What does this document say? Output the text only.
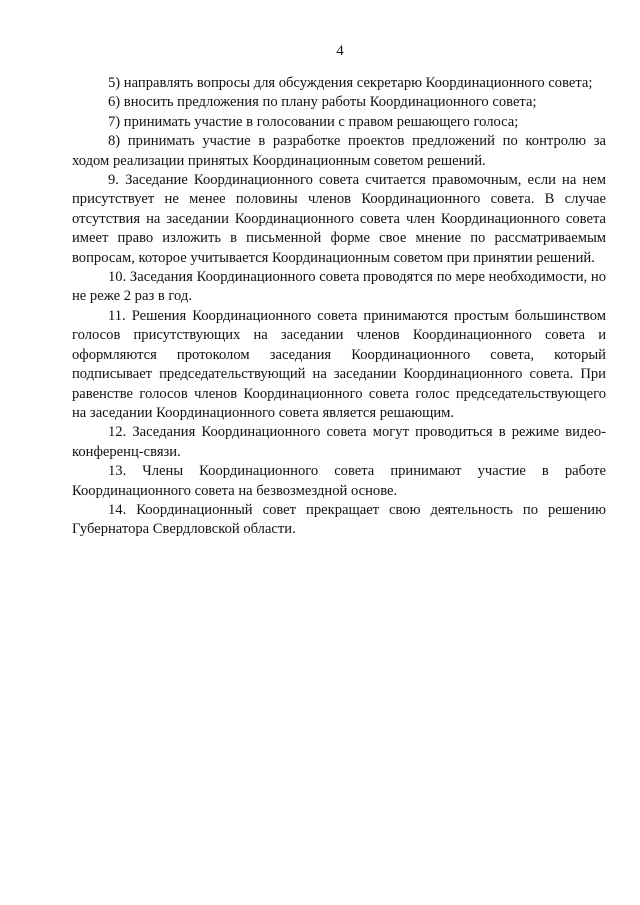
4

5) направлять вопросы для обсуждения секретарю Координационного совета;

6) вносить предложения по плану работы Координационного совета;

7) принимать участие в голосовании с правом решающего голоса;

8) принимать участие в разработке проектов предложений по контролю за ходом реализации принятых Координационным советом решений.

9. Заседание Координационного совета считается правомочным, если на нем присутствует не менее половины членов Координационного совета. В случае отсутствия на заседании Координационного совета член Координационного совета имеет право изложить в письменной форме свое мнение по рассматриваемым вопросам, которое учитывается Координационным советом при принятии решений.

10. Заседания Координационного совета проводятся по мере необходимости, но не реже 2 раз в год.

11. Решения Координационного совета принимаются простым большинством голосов присутствующих на заседании членов Координационного совета и оформляются протоколом заседания Координационного совета, который подписывает председательствующий на заседании Координационного совета. При равенстве голосов членов Координационного совета голос председательствующего на заседании Координационного совета является решающим.

12. Заседания Координационного совета могут проводиться в режиме видео-конференц-связи.

13. Члены Координационного совета принимают участие в работе Координационного совета на безвозмездной основе.

14. Координационный совет прекращает свою деятельность по решению Губернатора Свердловской области.
